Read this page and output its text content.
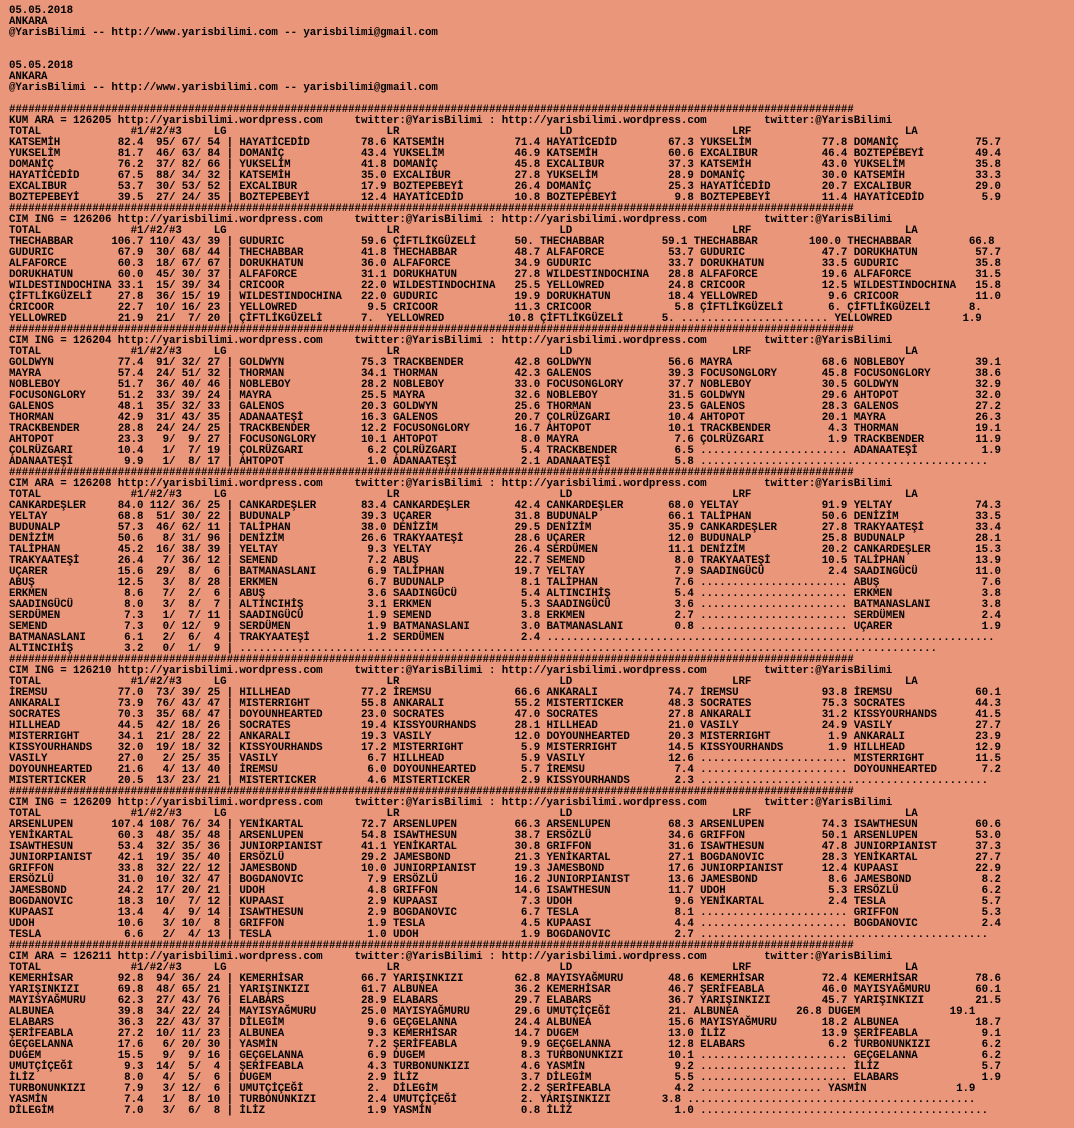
05.05.2018
ANKARA
@YarisBilimi -- http://www.yarisbilimi.com -- yarisbilimi@gmail.com
05.05.2018
ANKARA
@YarisBilimi -- http://www.yarisbilimi.com -- yarisbilimi@gmail.com
####################################################################################################################################
KUM ARA = 126205 http://yarisbilimi.wordpress.com     twitter:@YarisBilimi : http://yarisbilimi.wordpress.com         twitter:@YarisBilimi
TOTAL              #1/#2/#3     LG                         LR                         LD                         LRF                        LA
KATSEMİH         82.4  95/ 67/ 54 | HAYATİCEDİD        78.6 KATSEMİH           71.4 HAYATİCEDİD        67.3 YUKSELİM           77.8 DOMANİÇ            75.7
YUKSELİM         81.7  46/ 63/ 84 | DOMANİÇ            43.4 YUKSELİM           46.9 KATSEMİH           60.6 EXCALIBUR          46.4 BOZTEPEBEYİ        49.4
DOMANİÇ          76.2  37/ 82/ 66 | YUKSELİM           41.8 DOMANİÇ            45.8 EXCALIBUR          37.3 KATSEMİH           43.0 YUKSELİM           35.8
HAYATİCEDİD      67.5  88/ 34/ 32 | KATSEMİH           35.0 EXCALIBUR          27.8 YUKSELİM           28.9 DOMANİÇ            30.0 KATSEMİH           33.3
EXCALIBUR        53.7  30/ 53/ 52 | EXCALIBUR          17.9 BOZTEPEBEYİ        26.4 DOMANİÇ            25.3 HAYATİCEDİD        20.7 EXCALIBUR          29.0
BOZTEPEBEYİ      39.5  27/ 24/ 35 | BOZTEPEBEYİ        12.4 HAYATİCEDİD        10.8 BOZTEPEBEYİ         9.8 BOZTEPEBEYİ        11.4 HAYATİCEDİD         5.9
####################################################################################################################################
CIM ING = 126206 http://yarisbilimi.wordpress.com     twitter:@YarisBilimi : http://yarisbilimi.wordpress.com         twitter:@YarisBilimi
TOTAL              #1/#2/#3     LG                         LR                         LD                         LRF                        LA
THECHABBAR      106.7 110/ 43/ 39 | GUDURIC            59.6 ÇİFTLİKGÜZELİ      50. THECHABBAR         59.1 THECHABBAR        100.0 THECHABBAR         66.8
GUDURIC          67.9  30/ 68/ 44 | THECHABBAR         41.8 THECHABBAR         48.7 ALFAFORCE          53.7 GUDURIC            47.7 DORUKHATUN         57.7
ALFAFORCE        60.3  18/ 67/ 67 | DORUKHATUN         36.0 ALFAFORCE          34.9 GUDURIC            33.7 DORUKHATUN         33.5 GUDURIC            35.8
DORUKHATUN       60.0  45/ 30/ 37 | ALFAFORCE          31.1 DORUKHATUN         27.8 WILDESTINDOCHINA   28.8 ALFAFORCE          19.6 ALFAFORCE          31.5
WILDESTINDOCHINA 33.1  15/ 39/ 34 | CRICOOR            22.0 WILDESTINDOCHINA   25.5 YELLOWRED          24.8 CRICOOR            12.5 WILDESTINDOCHINA   15.8
ÇİFTLİKGÜZELİ    27.8  36/ 15/ 19 | WILDESTINDOCHINA   22.0 GUDURIC            19.9 DORUKHATUN         18.4 YELLOWRED           9.6 CRICOOR            11.0
CRICOOR          22.7  10/ 16/ 23 | YELLOWRED           9.5 CRICOOR            11.3 CRICOOR             5.8 ÇİFTLİKGÜZELİ       6. ÇİFTLİKGÜZELİ      8.
YELLOWRED        21.9  21/  7/ 20 | ÇİFTLİKGÜZELİ      7.  YELLOWRED          10.8 ÇİFTLİKGÜZELİ      5. ....................... YELLOWRED           1.9
####################################################################################################################################
CIM ING = 126204 http://yarisbilimi.wordpress.com     twitter:@YarisBilimi : http://yarisbilimi.wordpress.com         twitter:@YarisBilimi
TOTAL              #1/#2/#3     LG                         LR                         LD                         LRF                        LA
GOLDWYN          77.4  91/ 32/ 27 | GOLDWYN            75.3 TRACKBENDER        42.8 GOLDWYN            56.6 MAYRA              68.6 NOBLEBOY           39.1
MAYRA            57.4  24/ 51/ 32 | THORMAN            34.1 THORMAN            42.3 GALENOS            39.3 FOCUSONGLORY       45.8 FOCUSONGLORY       38.6
NOBLEBOY         51.7  36/ 40/ 46 | NOBLEBOY           28.2 NOBLEBOY           33.0 FOCUSONGLORY       37.7 NOBLEBOY           30.5 GOLDWYN            32.9
FOCUSONGLORY     51.2  33/ 39/ 24 | MAYRA              25.5 MAYRA              32.6 NOBLEBOY           31.5 GOLDWYN            29.6 AHTOPOT            32.0
GALENOS          48.1  35/ 32/ 33 | GALENOS            20.3 GOLDWYN            25.6 THORMAN            23.5 GALENOS            28.3 GALENOS            27.2
THORMAN          42.9  31/ 43/ 35 | ADANAATEŞİ         16.3 GALENOS            20.7 ÇOLRÜZGARI         10.4 AHTOPOT            20.1 MAYRA              26.3
TRACKBENDER      28.8  24/ 24/ 25 | TRACKBENDER        12.2 FOCUSONGLORY       16.7 AHTOPOT            10.1 TRACKBENDER         4.3 THORMAN            19.1
AHTOPOT          23.3   9/  9/ 27 | FOCUSONGLORY       10.1 AHTOPOT             8.0 MAYRA               7.6 ÇOLRÜZGARI          1.9 TRACKBENDER        11.9
ÇOLRÜZGARI       10.4   1/  7/ 19 | ÇOLRÜZGARI          6.2 ÇOLRÜZGARI          5.4 TRACKBENDER         6.5 ....................... ADANAATEŞİ          1.9
ADANAATEŞİ        9.9   1/  8/ 17 | AHTOPOT             1.0 ADANAATEŞİ          2.1 ADANAATEŞİ          5.8 .............................................
####################################################################################################################################
CIM ARA = 126208 http://yarisbilimi.wordpress.com     twitter:@YarisBilimi : http://yarisbilimi.wordpress.com         twitter:@YarisBilimi
TOTAL              #1/#2/#3     LG                         LR                         LD                         LRF                        LA
CANKARDEŞLER     84.0 112/ 36/ 25 | CANKARDEŞLER       83.4 CANKARDEŞLER       42.4 CANKARDEŞLER       68.0 YELTAY             91.9 YELTAY             74.3
YELTAY           68.8  51/ 30/ 22 | BUDUNALP           39.3 UÇARER             31.8 BUDUNALP           66.1 TALİPHAN           50.6 DENİZİM            33.5
BUDUNALP         57.3  46/ 62/ 11 | TALİPHAN           38.0 DENİZİM            29.5 DENİZİM            35.9 CANKARDEŞLER       27.8 TRAKYAATEŞİ        33.4
DENİZİM          50.6   8/ 31/ 96 | DENİZİM            26.6 TRAKYAATEŞİ        28.6 UÇARER             12.0 BUDUNALP           25.8 BUDUNALP           28.1
TALİPHAN         45.2  16/ 38/ 39 | YELTAY              9.3 YELTAY             26.4 SERDÜMEN           11.1 DENİZİM            20.2 CANKARDEŞLER       15.3
TRAKYAATEŞİ      26.4   7/ 36/ 12 | SEMEND              7.2 ABUŞ               22.7 SEMEND              8.0 TRAKYAATEŞİ        10.5 TALİPHAN           13.9
UÇARER           15.6  29/  8/  6 | BATMANASLANI        6.9 TALİPHAN           19.7 YELTAY              7.9 SAADINGÜCÜ          2.4 SAADINGÜCÜ         11.0
ABUŞ             12.5   3/  8/ 28 | ERKMEN              6.7 BUDUNALP            8.1 TALİPHAN            7.6 ....................... ABUŞ                7.6
ERKMEN            8.6   7/  2/  6 | ABUŞ                3.6 SAADINGÜCÜ          5.4 ALTINCIHİŞ          5.4 ....................... ERKMEN              3.8
SAADINGÜCÜ        8.0   3/  8/  7 | ALTINCIHİŞ          3.1 ERKMEN              5.3 SAADINGÜCÜ          3.6 ....................... BATMANASLANI        3.8
SERDÜMEN          7.3   1/  7/ 11 | SAADINGÜCÜ          1.9 SEMEND              3.8 ERKMEN              2.7 ....................... SERDÜMEN            2.4
SEMEND            7.3   0/ 12/  9 | SERDÜMEN            1.9 BATMANASLANI        3.0 BATMANASLANI        0.8 ....................... UÇARER              1.9
BATMANASLANI      6.1   2/  6/  4 | TRAKYAATEŞİ         1.2 SERDÜMEN            2.4 ......................................................................
ALTINCIHİŞ        3.2   0/  1/  9 | .............................................................................................................
####################################################################################################################################
CIM ING = 126210 http://yarisbilimi.wordpress.com     twitter:@YarisBilimi : http://yarisbilimi.wordpress.com         twitter:@YarisBilimi
TOTAL              #1/#2/#3     LG                         LR                         LD                         LRF                        LA
İREMSU           77.0  73/ 39/ 25 | HILLHEAD           77.2 İREMSU             66.6 ANKARALI           74.7 İREMSU             93.8 İREMSU             60.1
ANKARALI         73.9  76/ 43/ 47 | MISTERRIGHT        55.8 ANKARALI           55.2 MISTERTICKER       48.3 SOCRATES           75.3 SOCRATES           44.3
SOCRATES         70.3  35/ 68/ 47 | DOYOUNHEARTED      23.0 SOCRATES           47.0 SOCRATES           27.8 ANKARALI           31.2 KISSYOURHANDS      41.5
HILLHEAD         44.5  42/ 18/ 26 | SOCRATES           19.4 KISSYOURHANDS      28.1 HILLHEAD           21.0 VASILY             24.9 VASILY             27.7
MISTERRIGHT      34.1  21/ 28/ 22 | ANKARALI           19.3 VASILY             12.0 DOYOUNHEARTED      20.3 MISTERRIGHT         1.9 ANKARALI           23.9
KISSYOURHANDS    32.0  19/ 18/ 32 | KISSYOURHANDS      17.2 MISTERRIGHT         5.9 MISTERRIGHT        14.5 KISSYOURHANDS       1.9 HILLHEAD           12.9
VASILY           27.0   2/ 25/ 35 | VASILY              6.7 HILLHEAD            5.9 VASILY             12.6 ....................... MISTERRIGHT        11.5
DOYOUNHEARTED    21.6   4/ 13/ 40 | İREMSU              6.0 DOYOUNHEARTED       5.7 İREMSU              7.4 ....................... DOYOUNHEARTED       7.2
MISTERTICKER     20.5  13/ 23/ 21 | MISTERTICKER        4.6 MISTERTICKER        2.9 KISSYOURHANDS       2.3 .............................................
####################################################################################################################################
CIM ING = 126209 http://yarisbilimi.wordpress.com     twitter:@YarisBilimi : http://yarisbilimi.wordpress.com         twitter:@YarisBilimi
TOTAL              #1/#2/#3     LG                         LR                         LD                         LRF                        LA
ARSENLUPEN      107.4 108/ 76/ 34 | YENİKARTAL         72.7 ARSENLUPEN         66.3 ARSENLUPEN         68.3 ARSENLUPEN         74.3 ISAWTHESUN         60.6
YENİKARTAL       60.3  48/ 35/ 48 | ARSENLUPEN         54.8 ISAWTHESUN         38.7 ERSÖZLÜ            34.6 GRIFFON            50.1 ARSENLUPEN         53.0
ISAWTHESUN       53.4  32/ 35/ 36 | JUNIORPIANIST      41.1 YENİKARTAL         30.8 GRIFFON            31.6 ISAWTHESUN         47.8 JUNIORPIANIST      37.3
JUNIORPIANIST    42.1  19/ 35/ 40 | ERSÖZLÜ            29.2 JAMESBOND          21.3 YENİKARTAL         27.1 BOGDANOVIC         28.3 YENİKARTAL         27.7
GRIFFON          33.8  32/ 22/ 12 | JAMESBOND          10.0 JUNIORPIANIST      19.3 JAMESBOND          17.6 JUNIORPIANIST      12.4 KUPAASI            22.9
ERSÖZLÜ          31.0  10/ 32/ 47 | BOGDANOVIC          7.9 ERSÖZLÜ            16.2 JUNIORPIANIST      13.6 JAMESBOND           8.6 JAMESBOND           8.2
JAMESBOND        24.2  17/ 20/ 21 | UDOH                4.8 GRIFFON            14.6 ISAWTHESUN         11.7 UDOH                5.3 ERSÖZLÜ             6.2
BOGDANOVIC       18.3  10/  7/ 12 | KUPAASI             2.9 KUPAASI             7.3 UDOH                9.6 YENİKARTAL          2.4 TESLA               5.7
KUPAASI          13.4   4/  9/ 14 | ISAWTHESUN          2.9 BOGDANOVIC          6.7 TESLA               8.1 ....................... GRIFFON             5.3
UDOH             10.6   3/ 10/  8 | GRIFFON             1.9 TESLA               4.5 KUPAASI             4.4 ....................... BOGDANOVIC          2.4
TESLA             6.6   2/  4/ 13 | TESLA               1.0 UDOH                1.9 BOGDANOVIC          2.7 .............................................
####################################################################################################################################
CIM ARA = 126211 http://yarisbilimi.wordpress.com     twitter:@YarisBilimi : http://yarisbilimi.wordpress.com         twitter:@YarisBilimi
TOTAL              #1/#2/#3     LG                         LR                         LD                         LRF                        LA
KEMERHİSAR       92.8  94/ 36/ 24 | KEMERHİSAR         66.7 YARIŞINKIZI        62.8 MAYISYAĞMURU       48.6 KEMERHİSAR         72.4 KEMERHİSAR         78.6
YARIŞINKIZI      69.8  48/ 65/ 21 | YARIŞINKIZI        61.7 ALBUNEA            36.2 KEMERHİSAR         46.7 ŞERİFEABLA         46.0 MAYISYAĞMURU       60.1
MAYISYAĞMURU     62.3  27/ 43/ 76 | ELABARS            28.9 ELABARS            29.7 ELABARS            36.7 YARIŞINKIZI        45.7 YARIŞINKIZI        21.5
ALBUNEA          39.8  34/ 22/ 24 | MAYISYAĞMURU       25.0 MAYISYAĞMURU       29.6 UMUTÇİÇEĞİ         21. ALBUNEA         26.8 DUGEM              19.1
ELABARS          36.3  22/ 43/ 37 | DİLEGİM             9.6 GEÇGELANNA         24.4 ALBUNEA            15.6 MAYISYAĞMURU       18.2 ALBUNEA            18.7
ŞERİFEABLA       27.2  10/ 11/ 23 | ALBUNEA             9.3 KEMERHİSAR         14.7 DUGEM              13.0 İLİZ               13.9 ŞERİFEABLA          9.1
GEÇGELANNA       17.6   6/ 20/ 30 | YASMİN              7.2 ŞERİFEABLA          9.9 GEÇGELANNA         12.8 ELABARS             6.2 TURBONUNKIZI        6.2
DUGEM            15.5   9/  9/ 16 | GEÇGELANNA          6.9 DUGEM               8.3 TURBONUNKIZI       10.1 ....................... GEÇGELANNA          6.2
UMUTÇİÇEĞİ        9.3  14/  5/  4 | ŞERİFEABLA          4.3 TURBONUNKIZI        4.6 YASMİN              9.2 ....................... İLİZ                5.7
İLİZ              8.0   4/  5/  6 | DUGEM               2.9 İLİZ                3.7 DİLEGİM             5.5 ....................... ELABARS             1.9
TURBONUNKIZI      7.9   3/ 12/  6 | UMUTÇİÇEĞİ          2.  DİLEGİM             2.2 ŞERİFEABLA          4.2 ................... YASMİN              1.9
YASMİN            7.4   1/  8/ 10 | TURBONUNKIZI        2.4 UMUTÇİÇEĞİ          2. YARIŞINKIZI        3.8 .............................................
DİLEGİM           7.0   3/  6/  8 | İLİZ                1.9 YASMİN              0.8 İLİZ                1.0 .............................................
